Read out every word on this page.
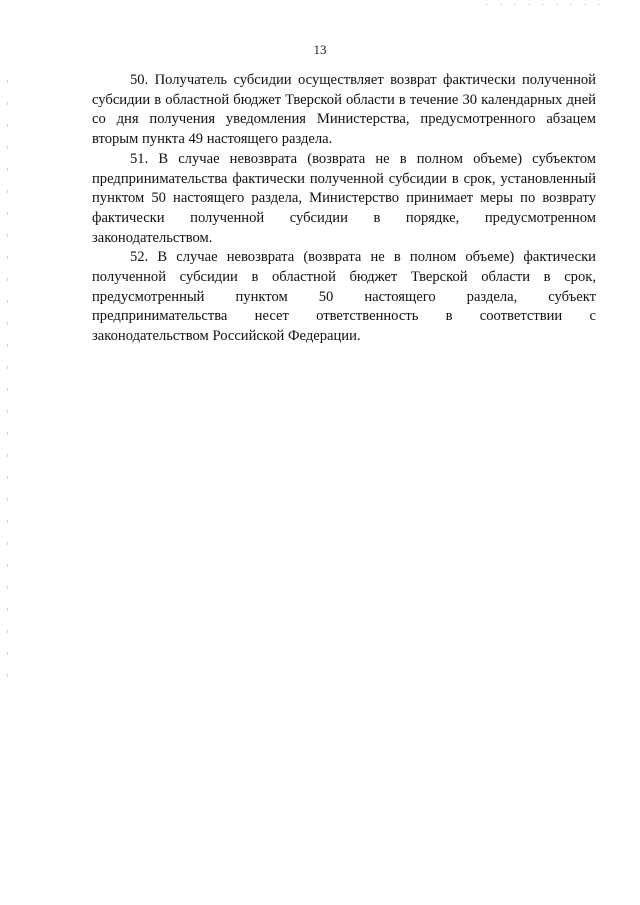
13

50. Получатель субсидии осуществляет возврат фактически полученной субсидии в областной бюджет Тверской области в течение 30 календарных дней со дня получения уведомления Министерства, предусмотренного абзацем вторым пункта 49 настоящего раздела.

51. В случае невозврата (возврата не в полном объеме) субъектом предпринимательства фактически полученной субсидии в срок, установленный пунктом 50 настоящего раздела, Министерство принимает меры по возврату фактически полученной субсидии в порядке, предусмотренном законодательством.

52. В случае невозврата (возврата не в полном объеме) фактически полученной субсидии в областной бюджет Тверской области в срок, предусмотренный пунктом 50 настоящего раздела, субъект предпринимательства несет ответственность в соответствии с законодательством Российской Федерации.
